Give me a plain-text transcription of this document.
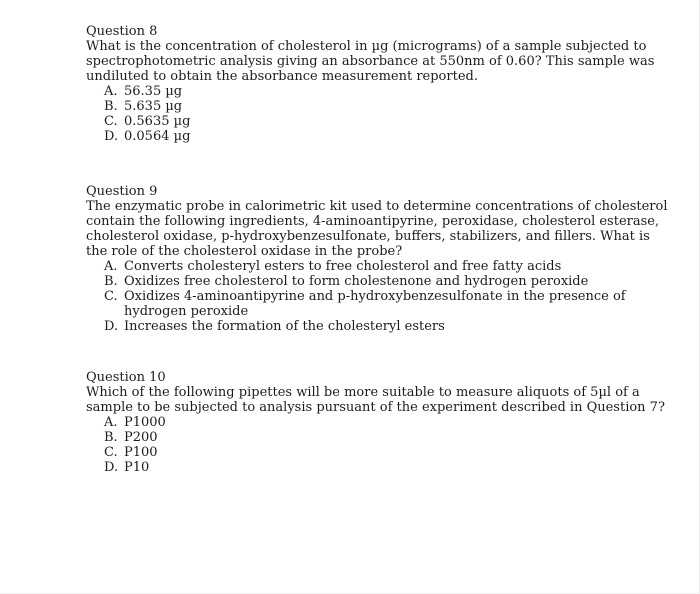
Question 8

What is the concentration of cholesterol in µg (micrograms) of a sample subjected to
spectrophotometric analysis giving an absorbance at 550nm of 0.60? This sample was
undiluted to obtain the absorbance measurement reported.

A. 56.35 µg
B. 5.635 µg
C. 0.5635 µg
D. 0.0564 µg

Question 9

The enzymatic probe in calorimetric kit used to determine concentrations of cholesterol
contain the following ingredients, 4-aminoantipyrine, peroxidase, cholesterol esterase,
cholesterol oxidase, p-hydroxybenzesulfonate, buffers, stabilizers, and fillers. What is
the role of the cholesterol oxidase in the probe?

A. Converts cholesteryl esters to free cholesterol and free fatty acids
B. Oxidizes free cholesterol to form cholestenone and hydrogen peroxide
C. Oxidizes 4-aminoantipyrine and p-hydroxybenzesulfonate in the presence of
hydrogen peroxide
D. Increases the formation of the cholesteryl esters

Question 10

Which of the following pipettes will be more suitable to measure aliquots of 5µl of a
sample to be subjected to analysis pursuant of the experiment described in Question 7?

A. P1000
B. P200
C. P100
D. P10
